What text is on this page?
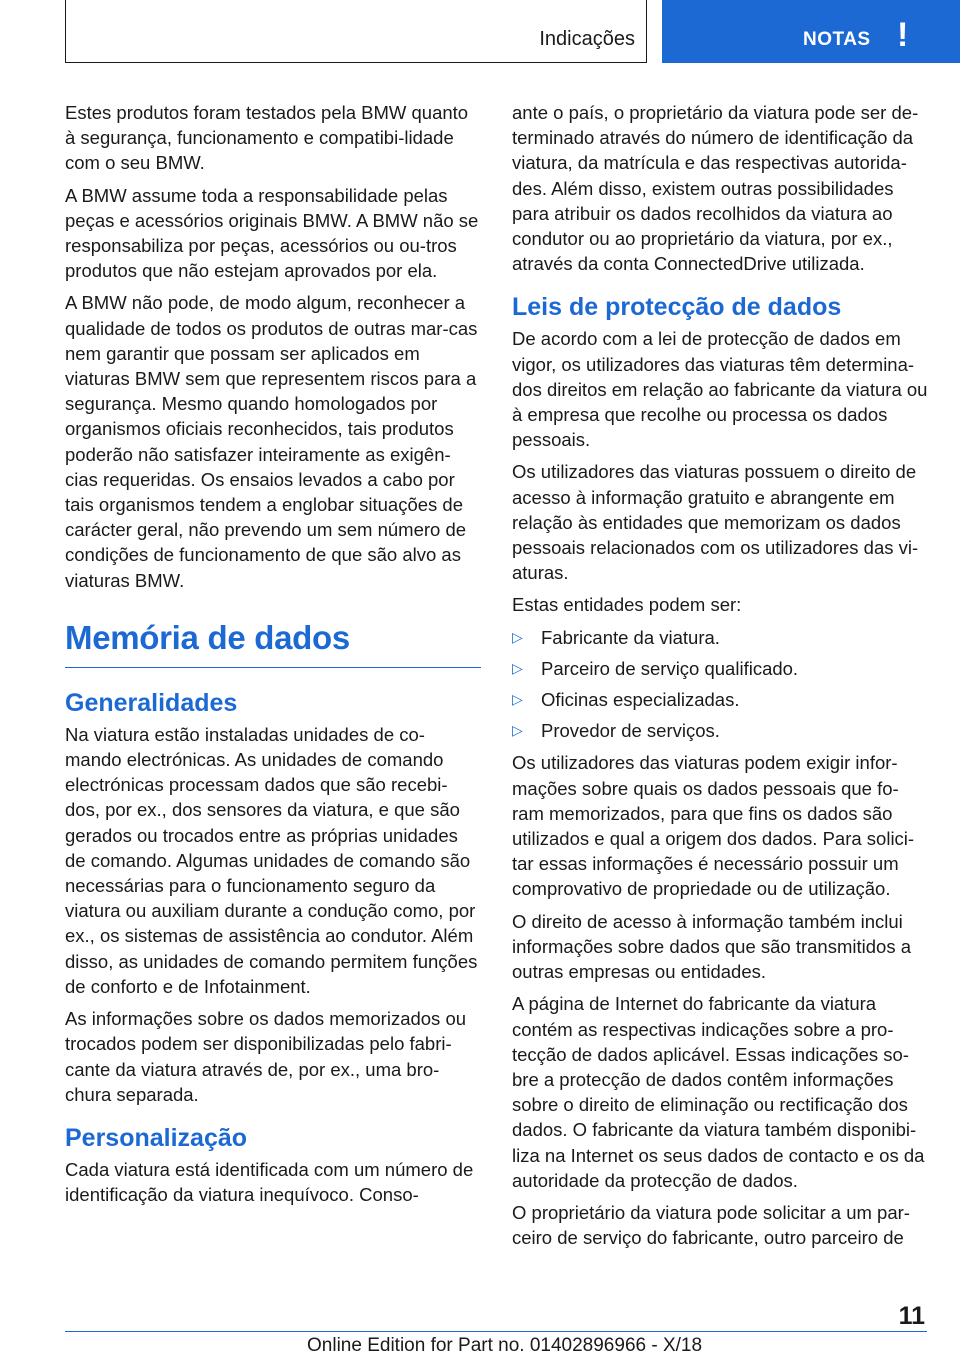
Indicações	NOTAS !

Estes produtos foram testados pela BMW quanto à segurança, funcionamento e compatibi-lidade com o seu BMW.

A BMW assume toda a responsabilidade pelas peças e acessórios originais BMW. A BMW não se responsabiliza por peças, acessórios ou ou-tros produtos que não estejam aprovados por ela.

A BMW não pode, de modo algum, reconhecer a qualidade de todos os produtos de outras mar-cas nem garantir que possam ser aplicados em viaturas BMW sem que representem riscos para a segurança. Mesmo quando homologados por organismos oficiais reconhecidos, tais produtos poderão não satisfazer inteiramente as exigên-cias requeridas. Os ensaios levados a cabo por tais organismos tendem a englobar situações de carácter geral, não prevendo um sem número de condições de funcionamento de que são alvo as viaturas BMW.

Memória de dados
Generalidades

Na viatura estão instaladas unidades de co-mando electrónicas. As unidades de comando electrónicas processam dados que são recebi-dos, por ex., dos sensores da viatura, e que são gerados ou trocados entre as próprias unidades de comando. Algumas unidades de comando são necessárias para o funcionamento seguro da viatura ou auxiliam durante a condução como, por ex., os sistemas de assistência ao condutor. Além disso, as unidades de comando permitem funções de conforto e de Infotainment.

As informações sobre os dados memorizados ou trocados podem ser disponibilizadas pelo fabri-cante da viatura através de, por ex., uma bro-chura separada.

Personalização

Cada viatura está identificada com um número de identificação da viatura inequívoco. Conso-

ante o país, o proprietário da viatura pode ser de-terminado através do número de identificação da viatura, da matrícula e das respectivas autorida-des. Além disso, existem outras possibilidades para atribuir os dados recolhidos da viatura ao condutor ou ao proprietário da viatura, por ex., através da conta ConnectedDrive utilizada.

Leis de protecção de dados

De acordo com a lei de protecção de dados em vigor, os utilizadores das viaturas têm determina-dos direitos em relação ao fabricante da viatura ou à empresa que recolhe ou processa os dados pessoais.

Os utilizadores das viaturas possuem o direito de acesso à informação gratuito e abrangente em relação às entidades que memorizam os dados pessoais relacionados com os utilizadores das vi-aturas.

Estas entidades podem ser:

▷ Fabricante da viatura.
▷ Parceiro de serviço qualificado.
▷ Oficinas especializadas.
▷ Provedor de serviços.

Os utilizadores das viaturas podem exigir infor-mações sobre quais os dados pessoais que fo-ram memorizados, para que fins os dados são utilizados e qual a origem dos dados. Para solici-tar essas informações é necessário possuir um comprovativo de propriedade ou de utilização.

O direito de acesso à informação também inclui informações sobre dados que são transmitidos a outras empresas ou entidades.

A página de Internet do fabricante da viatura contém as respectivas indicações sobre a pro-tecção de dados aplicável. Essas indicações so-bre a protecção de dados contêm informações sobre o direito de eliminação ou rectificação dos dados. O fabricante da viatura também disponibi-liza na Internet os seus dados de contacto e os da autoridade da protecção de dados.

O proprietário da viatura pode solicitar a um par-ceiro de serviço do fabricante, outro parceiro de

11
Online Edition for Part no. 01402896966 - X/18
